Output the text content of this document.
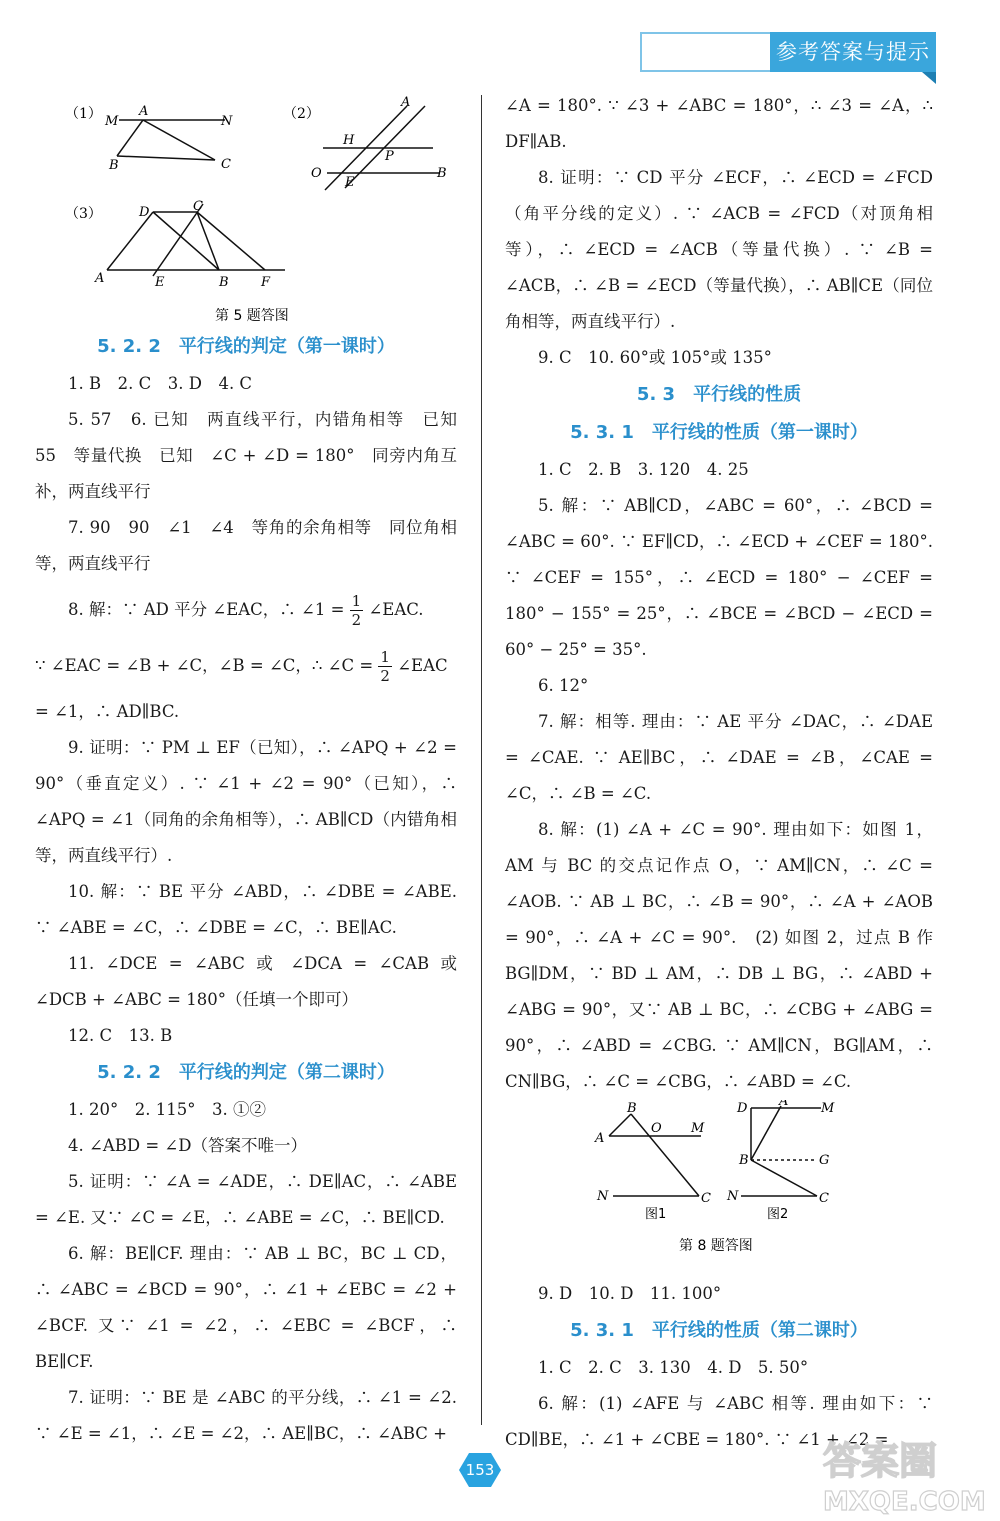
参考答案与提示
（1） M
A
N
B	C
（2）
A
H
P
O
E
B
（3）	D	C
A	E	B F
第 5 题答图

5. 2. 2　平行线的判定（第一课时）

1. B　2. C　3. D　4. C

5. 57　6. 已知　两直线平行，内错角相等　已知　55　等量代换　已知　∠C + ∠D = 180°　同旁内角互补，两直线平行

7. 90　90　∠1　∠4　等角的余角相等　同位角相等，两直线平行

8. 解：∵ AD 平分 ∠EAC，∴ ∠1 = $\frac{1}{2}$ ∠EAC.

∵ ∠EAC = ∠B + ∠C，∠B = ∠C，∴ ∠C = $\frac{1}{2}$ ∠EAC

= ∠1，∴ AD∥BC.

9. 证明：∵ PM ⊥ EF（已知），∴ ∠APQ + ∠2 = 90°（垂直定义）. ∵ ∠1 + ∠2 = 90°（已知），∴ ∠APQ = ∠1（同角的余角相等），∴ AB∥CD（内错角相等，两直线平行）.

10. 解：∵ BE 平分 ∠ABD，∴ ∠DBE = ∠ABE. ∵ ∠ABE = ∠C，∴ ∠DBE = ∠C，∴ BE∥AC.

11. ∠DCE = ∠ABC 或 ∠DCA = ∠CAB 或 ∠DCB + ∠ABC = 180°（任填一个即可）

12. C　13. B

5. 2. 2　平行线的判定（第二课时）

1. 20°　2. 115°　3. ①②

4. ∠ABD = ∠D（答案不唯一）

5. 证明：∵ ∠A = ∠ADE，∴ DE∥AC，∴ ∠ABE = ∠E. 又∵ ∠C = ∠E，∴ ∠ABE = ∠C，∴ BE∥CD.

6. 解：BE∥CF. 理由：∵ AB ⊥ BC，BC ⊥ CD，∴ ∠ABC = ∠BCD = 90°，∴ ∠1 + ∠EBC = ∠2 + ∠BCF. 又∵ ∠1 = ∠2，∴ ∠EBC = ∠BCF，∴ BE∥CF.

7. 证明：∵ BE 是 ∠ABC 的平分线，∴ ∠1 = ∠2. ∵ ∠E = ∠1，∴ ∠E = ∠2，∴ AE∥BC，∴ ∠ABC +

∠A = 180°. ∵ ∠3 + ∠ABC = 180°，∴ ∠3 = ∠A，∴ DF∥AB.

8. 证明：∵ CD 平分 ∠ECF，∴ ∠ECD = ∠FCD（角平分线的定义）. ∵ ∠ACB = ∠FCD（对顶角相等），∴ ∠ECD = ∠ACB（等量代换）. ∵ ∠B = ∠ACB，∴ ∠B = ∠ECD（等量代换），∴ AB∥CE（同位角相等，两直线平行）.

9. C　10. 60°或 105°或 135°

5. 3　平行线的性质

5. 3. 1　平行线的性质（第一课时）

1. C　2. B　3. 120　4. 25

5. 解：∵ AB∥CD，∠ABC = 60°，∴ ∠BCD = ∠ABC = 60°. ∵ EF∥CD，∴ ∠ECD + ∠CEF = 180°. ∵ ∠CEF = 155°，∴ ∠ECD = 180° − ∠CEF = 180° − 155° = 25°，∴ ∠BCE = ∠BCD − ∠ECD = 60° − 25° = 35°.

6. 12°

7. 解：相等. 理由：∵ AE 平分 ∠DAC，∴ ∠DAE = ∠CAE. ∵ AE∥BC，∴ ∠DAE = ∠B，∠CAE = ∠C，∴ ∠B = ∠C.

8. 解：(1) ∠A + ∠C = 90°. 理由如下：如图 1，AM 与 BC 的交点记作点 O，∵ AM∥CN，∴ ∠C = ∠AOB. ∵ AB ⊥ BC，∴ ∠B = 90°，∴ ∠A + ∠AOB = 90°，∴ ∠A + ∠C = 90°.　(2) 如图 2，过点 B 作 BG∥DM，∵ BD ⊥ AM，∴ DB ⊥ BG，∴ ∠ABD + ∠ABG = 90°，又∵ AB ⊥ BC，∴ ∠CBG + ∠ABG = 90°，∴ ∠ABD = ∠CBG. ∵ AM∥CN，BG∥AM，∴ CN∥BG，∴ ∠C = ∠CBG，∴ ∠ABD = ∠C.

B
O M
A
N	C
图1
D A	M
B	G
N	C
图2
第 8 题答图

9. D　10. D　11. 100°

5. 3. 1　平行线的性质（第二课时）

1. C　2. C　3. 130　4. D　5. 50°

6. 解：(1) ∠AFE 与 ∠ABC 相等. 理由如下：∵ CD∥BE，∴ ∠1 + ∠CBE = 180°. ∵ ∠1 + ∠2 =

153	答案圈
MXQE.COM
